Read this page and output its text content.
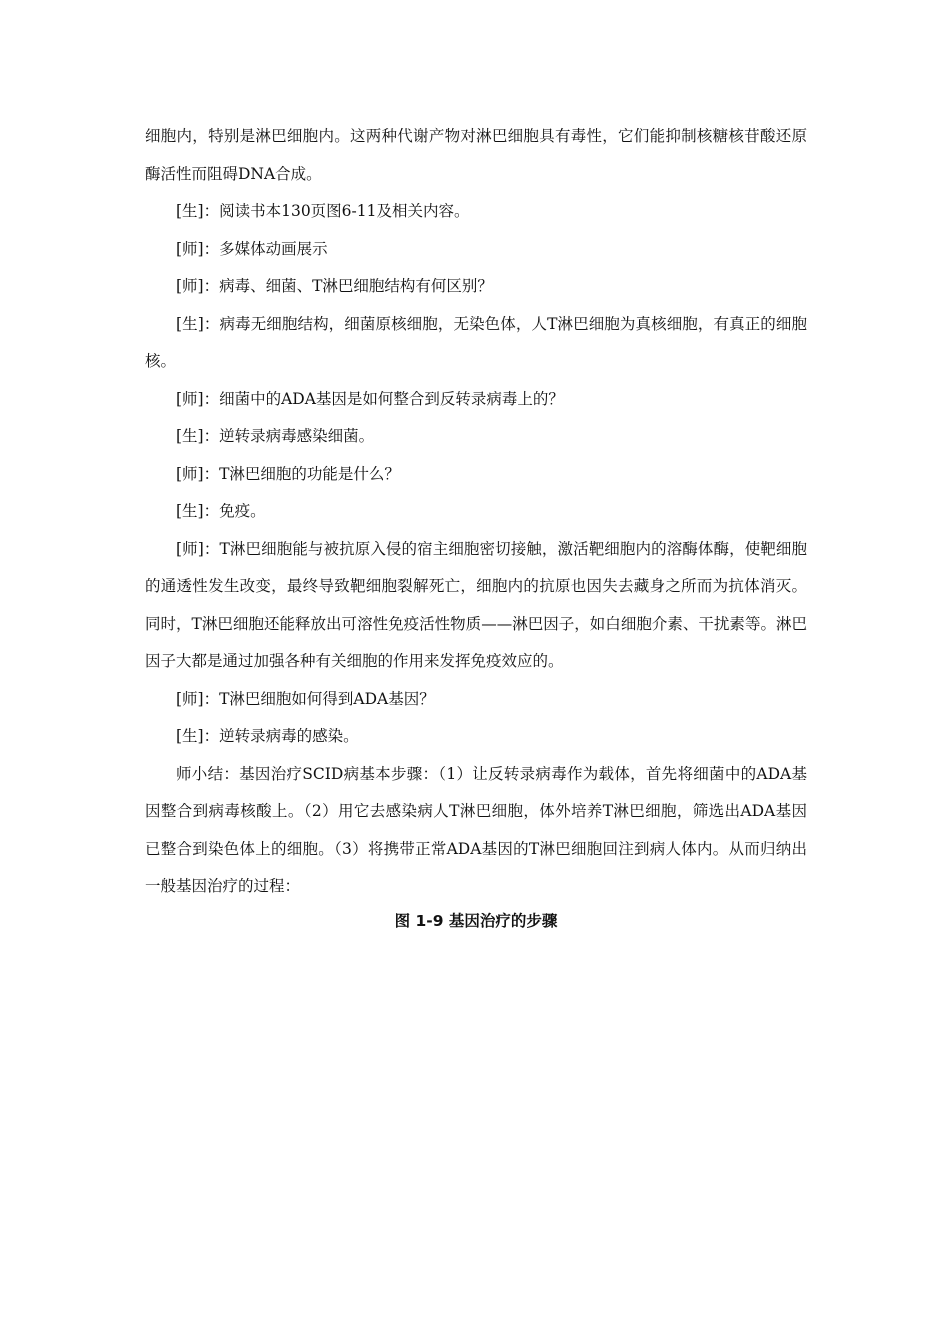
细胞内，特别是淋巴细胞内。这两种代谢产物对淋巴细胞具有毒性，它们能抑制核糖核苷酸还原酶活性而阻碍DNA合成。

[生]：阅读书本130页图6-11及相关内容。

[师]：多媒体动画展示

[师]：病毒、细菌、T淋巴细胞结构有何区别？

[生]：病毒无细胞结构，细菌原核细胞，无染色体，人T淋巴细胞为真核细胞，有真正的细胞核。

[师]：细菌中的ADA基因是如何整合到反转录病毒上的？

[生]：逆转录病毒感染细菌。

[师]：T淋巴细胞的功能是什么？

[生]：免疫。

[师]：T淋巴细胞能与被抗原入侵的宿主细胞密切接触，激活靶细胞内的溶酶体酶，使靶细胞的通透性发生改变，最终导致靶细胞裂解死亡，细胞内的抗原也因失去藏身之所而为抗体消灭。同时，T淋巴细胞还能释放出可溶性免疫活性物质——淋巴因子，如白细胞介素、干扰素等。淋巴因子大都是通过加强各种有关细胞的作用来发挥免疫效应的。

[师]：T淋巴细胞如何得到ADA基因？

[生]：逆转录病毒的感染。

师小结：基因治疗SCID病基本步骤：（1）让反转录病毒作为载体，首先将细菌中的ADA基因整合到病毒核酸上。（2）用它去感染病人T淋巴细胞，体外培养T淋巴细胞，筛选出ADA基因已整合到染色体上的细胞。（3）将携带正常ADA基因的T淋巴细胞回注到病人体内。从而归纳出一般基因治疗的过程：

图 1-9 基因治疗的步骤
